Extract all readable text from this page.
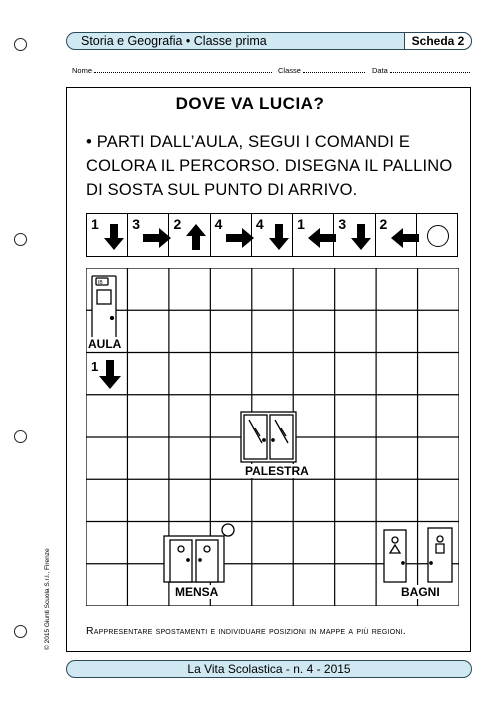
Storia e Geografia • Classe prima	Scheda 2
Nome	Classe	Data
DOVE VA LUCIA?
• PARTI DALL’AULA, SEGUI I COMANDI E COLORA IL PERCORSO. DISEGNA IL PALLINO DI SOSTA SUL PUNTO DI ARRIVO.
1 3 2 4 4 1 3 2
IB
1
AULA
PALESTRA
MENSA	BAGNI
Rappresentare spostamenti e individuare posizioni in mappe a più regioni.
© 2015 Giunti Scuola S.r.l., Firenze
La Vita Scolastica - n. 4 - 2015
